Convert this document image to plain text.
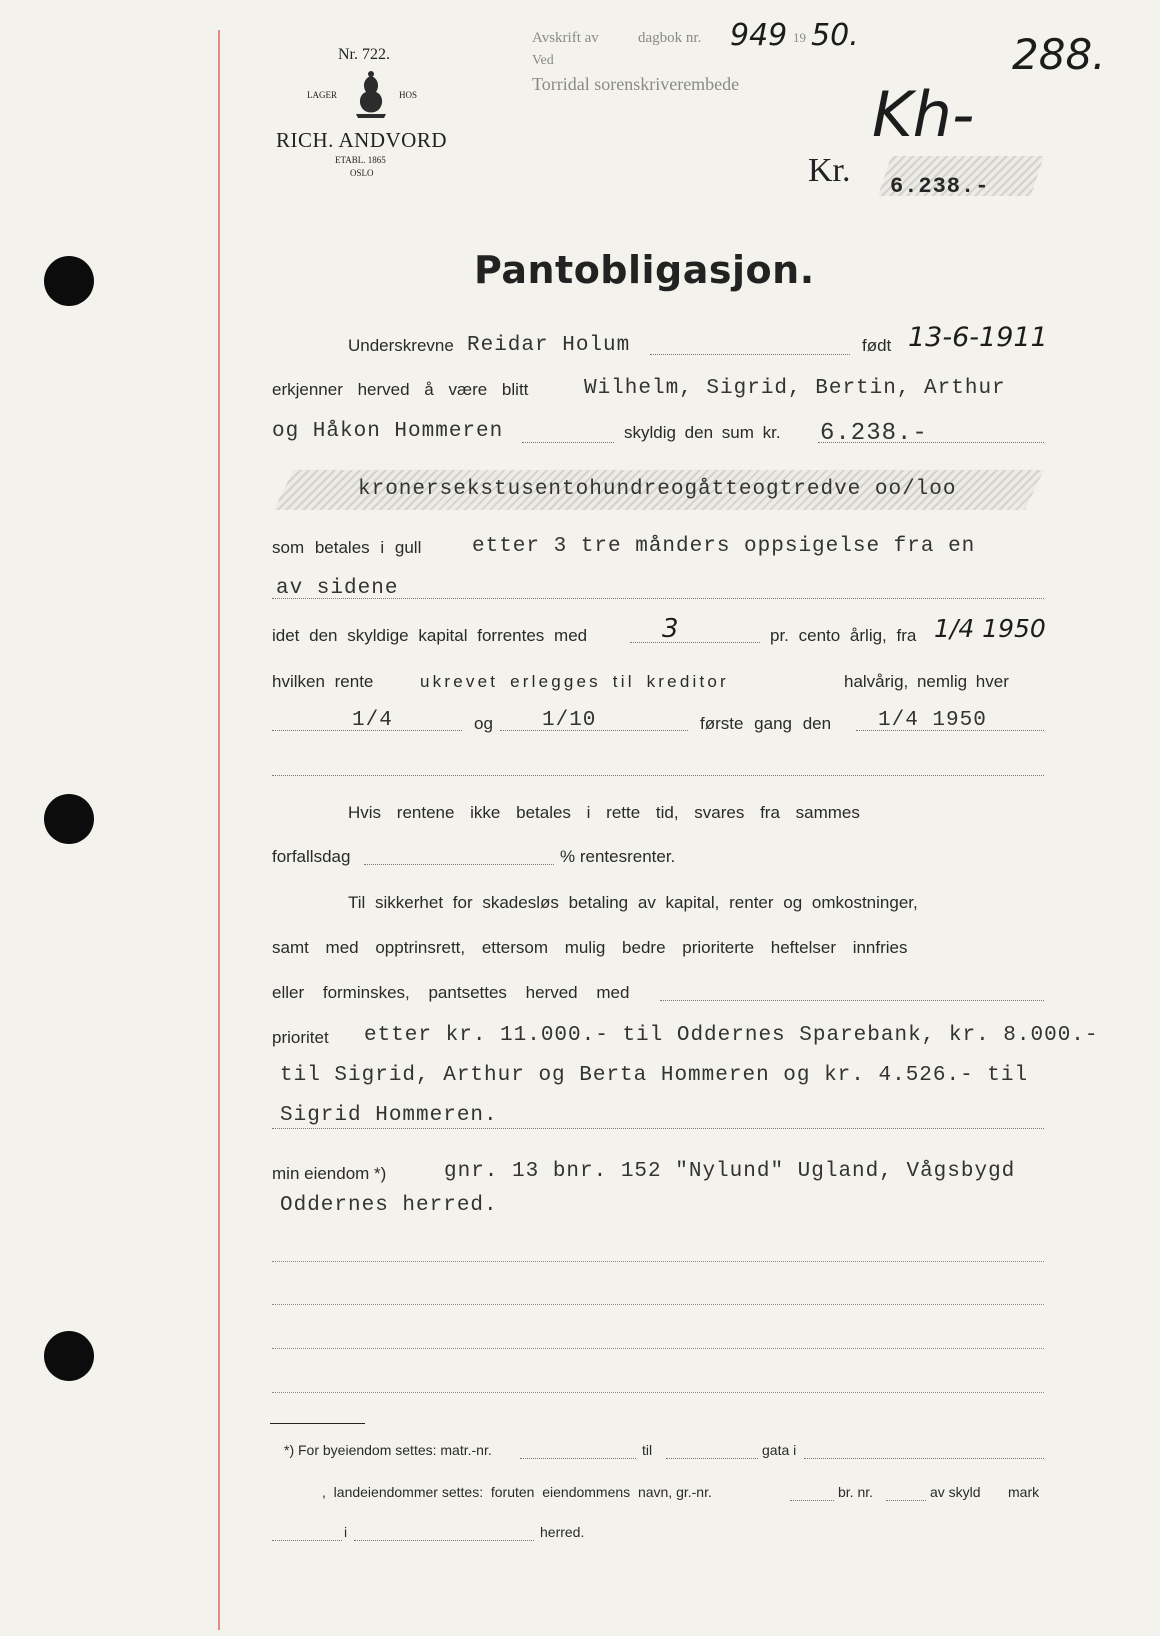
Nr. 722.
LAGER	HOS
RICH. ANDVORD
ETABL. 1865
OSLO
Avskrift av	dagbok nr. 949 19 50.
Ved
Torridal sorenskriverembede
288.
Kh-
Kr. 6.238.-
Pantobligasjon.
Underskrevne Reidar Holum	født 13-6-1911
erkjenner herved å være blitt	Wilhelm, Sigrid, Bertin, Arthur
og Håkon Hommeren	skyldig den sum kr. 6.238.-
kronersekstusentohundreogåtteogtredve oo/loo
som betales i gull etter 3 tre månders oppsigelse fra en
av sidene
idet den skyldige kapital forrentes med	3	pr. cento årlig, fra 1/4 1950
hvilken rente	ukrevet erlegges til kreditor	halvårig, nemlig hver
1/4	og 1/10	første gang den 1/4 1950
Hvis rentene ikke betales i rette tid, svares fra sammes
forfallsdag	% rentesrenter.
Til sikkerhet for skadesløs betaling av kapital, renter og omkostninger,
samt med opptrinsrett, ettersom mulig bedre prioriterte heftelser innfries
eller forminskes, pantsettes herved med
prioritet etter kr. 11.000.- til Oddernes Sparebank, kr. 8.000.-
til Sigrid, Arthur og Berta Hommeren og kr. 4.526.- til
Sigrid Hommeren.
min eiendom *)	gnr. 13 bnr. 152 "Nylund" Ugland, Vågsbygd
Oddernes herred.
*) For byeiendom settes: matr.-nr.	til	gata i
,  landeiendommer settes:  foruten  eiendommens  navn, gr.-nr.	br. nr.	av skyld mark
i	herred.
